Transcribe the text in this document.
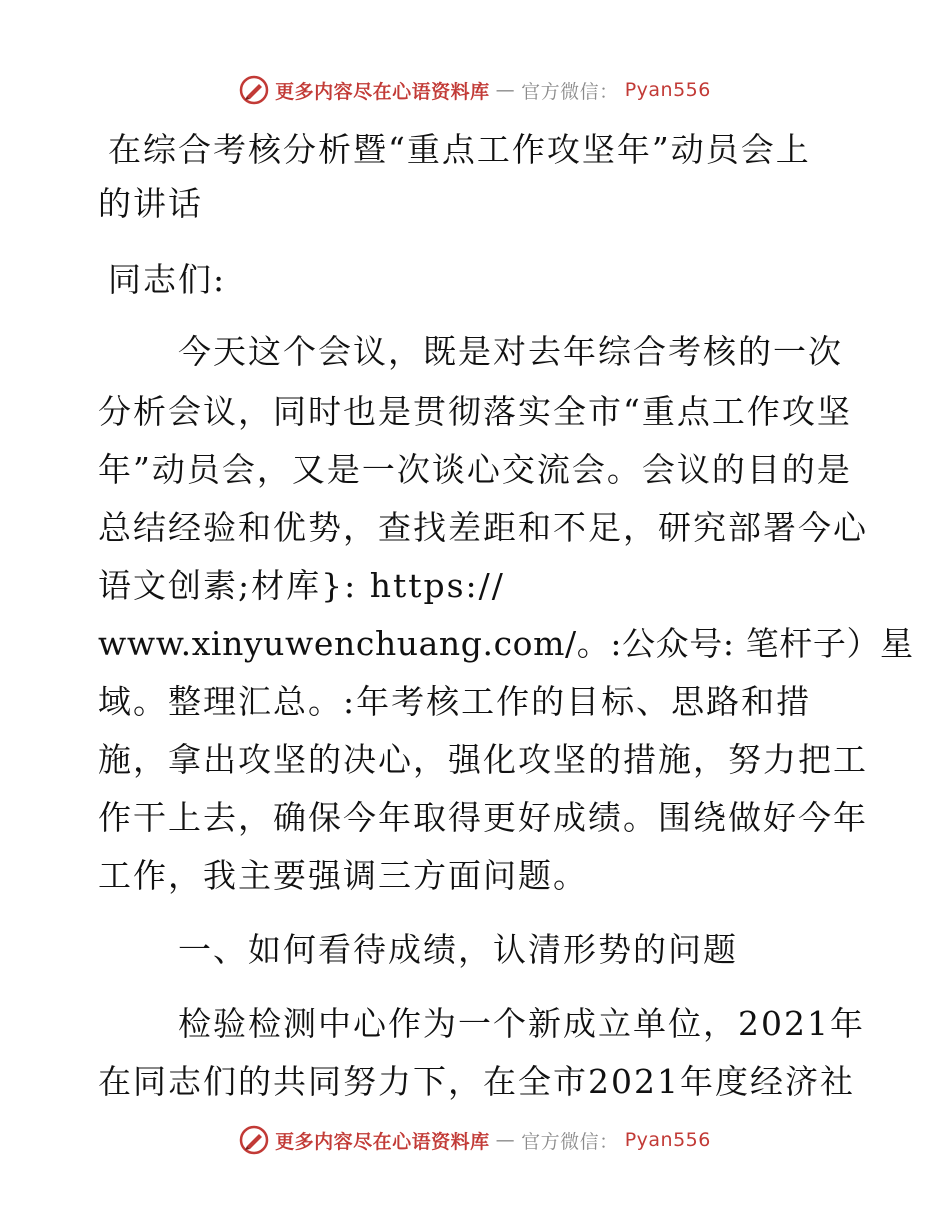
更多内容尽在心语资料库 — 官方微信： Pyan556
在综合考核分析暨“重点工作攻坚年”动员会上
的讲话
同志们:
今天这个会议，既是对去年综合考核的一次
分析会议，同时也是贯彻落实全市“重点工作攻坚
年”动员会，又是一次谈心交流会。会议的目的是
总结经验和优势，查找差距和不足，研究部署今心
语文创素;材库}: https://
www.xinyuwenchuang.com/。:公众号: 笔杆子）星
域。整理汇总。:年考核工作的目标、思路和措
施，拿出攻坚的决心，强化攻坚的措施，努力把工
作干上去，确保今年取得更好成绩。围绕做好今年
工作，我主要强调三方面问题。
一、如何看待成绩，认清形势的问题
检验检测中心作为一个新成立单位，2021年
在同志们的共同努力下，在全市2021年度经济社
更多内容尽在心语资料库 — 官方微信： Pyan556
